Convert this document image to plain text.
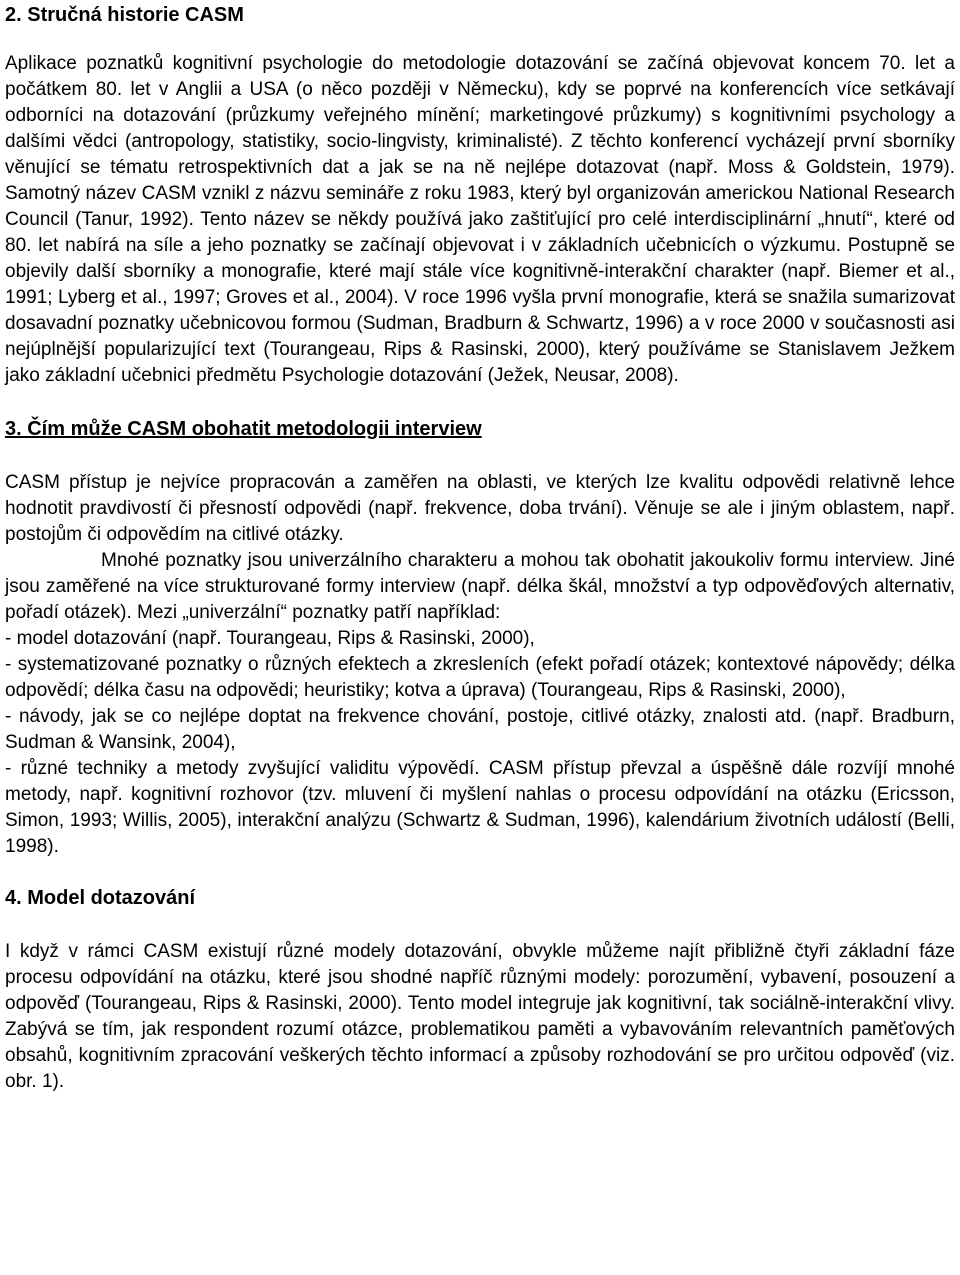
2. Stručná historie CASM

Aplikace poznatků kognitivní psychologie do metodologie dotazování se začíná objevovat koncem 70. let a počátkem 80. let v Anglii a USA (o něco později v Německu), kdy se poprvé na konferencích více setkávají odborníci na dotazování (průzkumy veřejného mínění; marketingové průzkumy) s kognitivními psychology a dalšími vědci (antropology, statistiky, socio-lingvisty, kriminalisté). Z těchto konferencí vycházejí první sborníky věnující se tématu retrospektivních dat a jak se na ně nejlépe dotazovat (např. Moss & Goldstein, 1979). Samotný název CASM vznikl z názvu semináře z roku 1983, který byl organizován americkou National Research Council (Tanur, 1992). Tento název se někdy používá jako zaštiťující pro celé interdisciplinární „hnutí“, které od 80. let nabírá na síle a jeho poznatky se začínají objevovat i v základních učebnicích o výzkumu. Postupně se objevily další sborníky a monografie, které mají stále více kognitivně-interakční charakter (např. Biemer et al., 1991; Lyberg et al., 1997; Groves et al., 2004). V roce 1996 vyšla první monografie, která se snažila sumarizovat dosavadní poznatky učebnicovou formou (Sudman, Bradburn & Schwartz, 1996) a v roce 2000 v současnosti asi nejúplnější popularizující text (Tourangeau, Rips & Rasinski, 2000), který používáme se Stanislavem Ježkem jako základní učebnici předmětu Psychologie dotazování (Ježek, Neusar, 2008).

3. Čím může CASM obohatit metodologii interview

CASM přístup je nejvíce propracován a zaměřen na oblasti, ve kterých lze kvalitu odpovědi relativně lehce hodnotit pravdivostí či přesností odpovědi (např. frekvence, doba trvání). Věnuje se ale i jiným oblastem, např. postojům či odpovědím na citlivé otázky.

Mnohé poznatky jsou univerzálního charakteru a mohou tak obohatit jakoukoliv formu interview. Jiné jsou zaměřené na více strukturované formy interview (např. délka škál, množství a typ odpověďových alternativ, pořadí otázek). Mezi „univerzální“ poznatky patří například:

- model dotazování (např. Tourangeau, Rips & Rasinski, 2000),

- systematizované poznatky o různých efektech a zkresleních (efekt pořadí otázek; kontextové nápovědy; délka odpovědí; délka času na odpovědi; heuristiky; kotva a úprava) (Tourangeau, Rips & Rasinski, 2000),

- návody, jak se co nejlépe doptat na frekvence chování, postoje, citlivé otázky, znalosti atd. (např. Bradburn, Sudman & Wansink, 2004),

- různé techniky a metody zvyšující validitu výpovědí. CASM přístup převzal a úspěšně dále rozvíjí mnohé metody, např. kognitivní rozhovor (tzv. mluvení či myšlení nahlas o procesu odpovídání na otázku (Ericsson, Simon, 1993; Willis, 2005), interakční analýzu (Schwartz & Sudman, 1996), kalendárium životních událostí (Belli, 1998).

4. Model dotazování

I když v rámci CASM existují různé modely dotazování, obvykle můžeme najít přibližně čtyři základní fáze procesu odpovídání na otázku, které jsou shodné napříč různými modely: porozumění, vybavení, posouzení a odpověď (Tourangeau, Rips & Rasinski, 2000). Tento model integruje jak kognitivní, tak sociálně-interakční vlivy. Zabývá se tím, jak respondent rozumí otázce, problematikou paměti a vybavováním relevantních paměťových obsahů, kognitivním zpracování veškerých těchto informací a způsoby rozhodování se pro určitou odpověď (viz. obr. 1).
